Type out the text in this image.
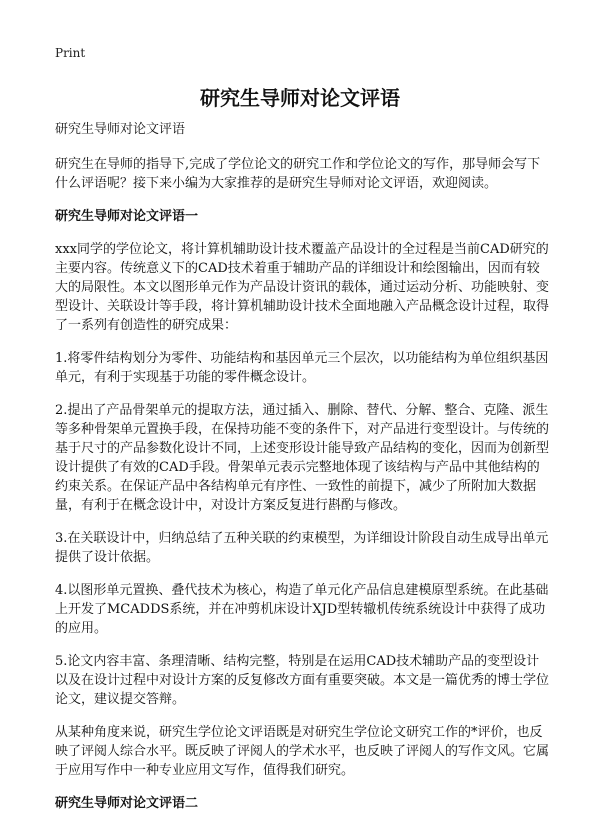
Print
研究生导师对论文评语

研究生导师对论文评语

研究生在导师的指导下,完成了学位论文的研究工作和学位论文的写作，那导师会写下什么评语呢？接下来小编为大家推荐的是研究生导师对论文评语，欢迎阅读。

研究生导师对论文评语一

xxx同学的学位论文，将计算机辅助设计技术覆盖产品设计的全过程是当前CAD研究的主要内容。传统意义下的CAD技术着重于辅助产品的详细设计和绘图输出，因而有较大的局限性。本文以图形单元作为产品设计资讯的载体，通过运动分析、功能映射、变型设计、关联设计等手段，将计算机辅助设计技术全面地融入产品概念设计过程，取得了一系列有创造性的研究成果：

1.将零件结构划分为零件、功能结构和基因单元三个层次，以功能结构为单位组织基因单元，有利于实现基于功能的零件概念设计。

2.提出了产品骨架单元的提取方法，通过插入、删除、替代、分解、整合、克隆、派生等多种骨架单元置换手段，在保持功能不变的条件下，对产品进行变型设计。与传统的基于尺寸的产品参数化设计不同，上述变形设计能导致产品结构的变化，因而为创新型设计提供了有效的CAD手段。骨架单元表示完整地体现了该结构与产品中其他结构的约束关系。在保证产品中各结构单元有序性、一致性的前提下，减少了所附加大数据量，有利于在概念设计中，对设计方案反复进行斟酌与修改。

3.在关联设计中，归纳总结了五种关联的约束模型，为详细设计阶段自动生成导出单元提供了设计依据。

4.以图形单元置换、叠代技术为核心，构造了单元化产品信息建模原型系统。在此基础上开发了MCADDS系统，并在冲剪机床设计XJD型转辙机传统系统设计中获得了成功的应用。

5.论文内容丰富、条理清晰、结构完整，特别是在运用CAD技术辅助产品的变型设计以及在设计过程中对设计方案的反复修改方面有重要突破。本文是一篇优秀的博士学位论文，建议提交答辩。

从某种角度来说，研究生学位论文评语既是对研究生学位论文研究工作的*评价，也反映了评阅人综合水平。既反映了评阅人的学术水平，也反映了评阅人的写作文风。它属于应用写作中一种专业应用文写作，值得我们研究。

研究生导师对论文评语二
